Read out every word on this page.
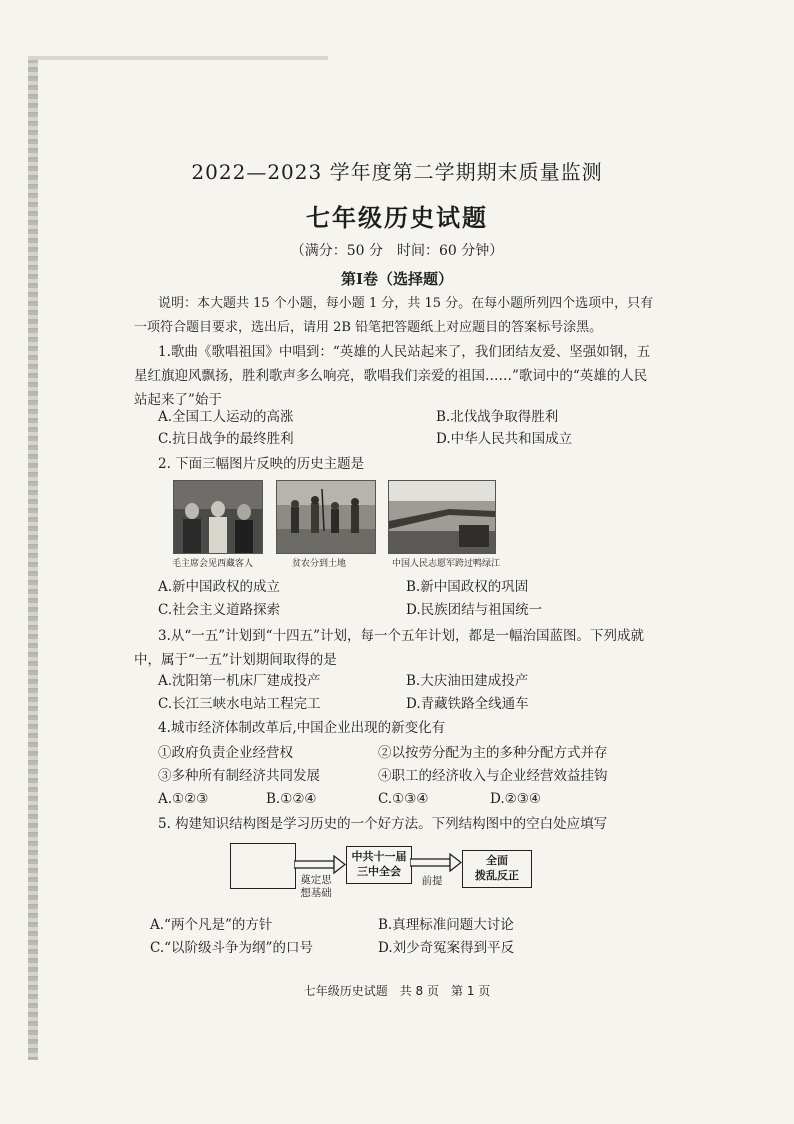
2022—2023 学年度第二学期期末质量监测
七年级历史试题
（满分：50 分　时间：60 分钟）
第Ⅰ卷（选择题）
说明：本大题共 15 个小题，每小题 1 分，共 15 分。在每小题所列四个选项中，只有
一项符合题目要求，选出后，请用 2B 铅笔把答题纸上对应题目的答案标号涂黑。
1.歌曲《歌唱祖国》中唱到：“英雄的人民站起来了，我们团结友爱、坚强如钢，五星红旗迎风飘扬，胜利歌声多么响亮，歌唱我们亲爱的祖国……”歌词中的“英雄的人民站起来了”始于
A.全国工人运动的高涨	B.北伐战争取得胜利
C.抗日战争的最终胜利	D.中华人民共和国成立
2. 下面三幅图片反映的历史主题是
毛主席会见西藏客人	贫农分到土地	中国人民志愿军跨过鸭绿江
A.新中国政权的成立	B.新中国政权的巩固
C.社会主义道路探索	D.民族团结与祖国统一
3.从“一五”计划到“十四五”计划，每一个五年计划，都是一幅治国蓝图。下列成就中，属于“一五”计划期间取得的是
A.沈阳第一机床厂建成投产	B.大庆油田建成投产
C.长江三峡水电站工程完工	D.青藏铁路全线通车
4.城市经济体制改革后,中国企业出现的新变化有
①政府负责企业经营权	②以按劳分配为主的多种分配方式并存
③多种所有制经济共同发展	④职工的经济收入与企业经营效益挂钩
A.①②③	B.①②④	C.①③④	D.②③④
5. 构建知识结构图是学习历史的一个好方法。下列结构图中的空白处应填写
奠定思想基础
中共十一届
三中全会
前提
全面
拨乱反正
A.“两个凡是”的方针	B.真理标准问题大讨论
C.“以阶级斗争为纲”的口号	D.刘少奇冤案得到平反
七年级历史试题　共 8 页　第 1 页
